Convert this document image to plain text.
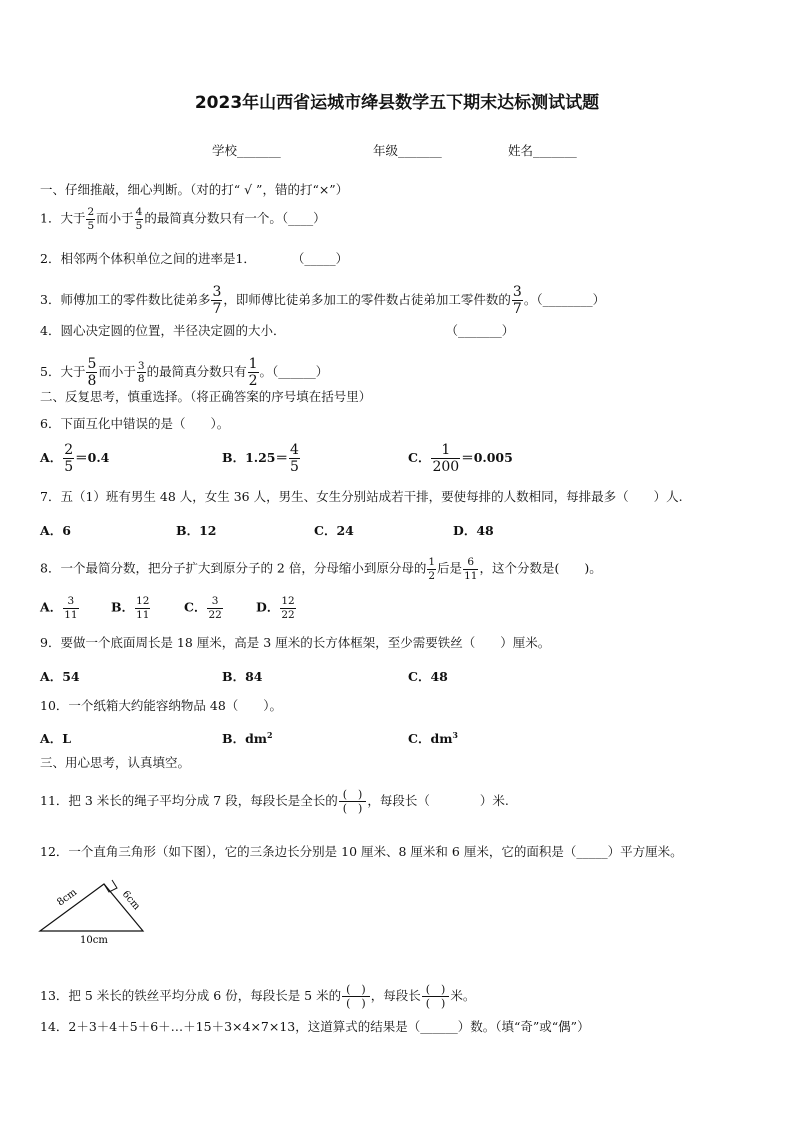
2023年山西省运城市绛县数学五下期末达标测试试题
学校_______	年级_______	姓名_______
一、仔细推敲，细心判断。（对的打“ √ ”，错的打“×”）
1．大于 $\frac{2}{5}$ 而小于 $\frac{4}{5}$ 的最简真分数只有一个。（____）
2．相邻两个体积单位之间的进率是1．	（_____）
3．师傅加工的零件数比徒弟多 $\frac{3}{7}$ ，即师傅比徒弟多加工的零件数占徒弟加工零件数的 $\frac{3}{7}$ 。（________）
4．圆心决定圆的位置，半径决定圆的大小．	（_______）
5．大于 $\frac{5}{8}$ 而小于 $\frac{3}{8}$ 的最简真分数只有 $\frac{1}{2}$ 。（______）
二、反复思考，慎重选择。（将正确答案的序号填在括号里）
6．下面互化中错误的是（　　）。
A． $\frac{2}{5} =0.4$	B．$1.25= \frac{4}{5}$	C． $\frac{1}{200} =0.005$
7．五（1）班有男生 48 人，女生 36 人，男生、女生分别站成若干排，要使每排的人数相同，每排最多（　　）人.
A．6	B．12	C．24	D．48
8．一个最简分数，把分子扩大到原分子的 2 倍，分母缩小到原分母的 $\frac{1}{2}$ 后是 $\frac{6}{11}$ ，这个分数是(　　)。
A． $\frac{3}{11}$	B． $\frac{12}{11}$	C． $\frac{3}{22}$	D． $\frac{12}{22}$
9．要做一个底面周长是 18 厘米，高是 3 厘米的长方体框架，至少需要铁丝（　　）厘米。
A．54	B．84	C．48
10．一个纸箱大约能容纳物品 48（　　）。
A．L	B．$dm^2$	C．$dm^3$
三、用心思考，认真填空。
11．把 3 米长的绳子平均分成 7 段，每段长是全长的 (　)
(　)
，每段长（　　　　）米.
12．一个直角三角形（如下图），它的三条边长分别是 10 厘米、8 厘米和 6 厘米，它的面积是（_____）平方厘米。
8cm	6cm
10cm
13．把 5 米长的铁丝平均分成 6 份，每段长是 5 米的 (　)
(　)
，每段长 (　)
(　)
米。
14．2＋3＋4＋5＋6＋…＋15＋3×4×7×13，这道算式的结果是（______）数。（填“奇”或“偶”）
